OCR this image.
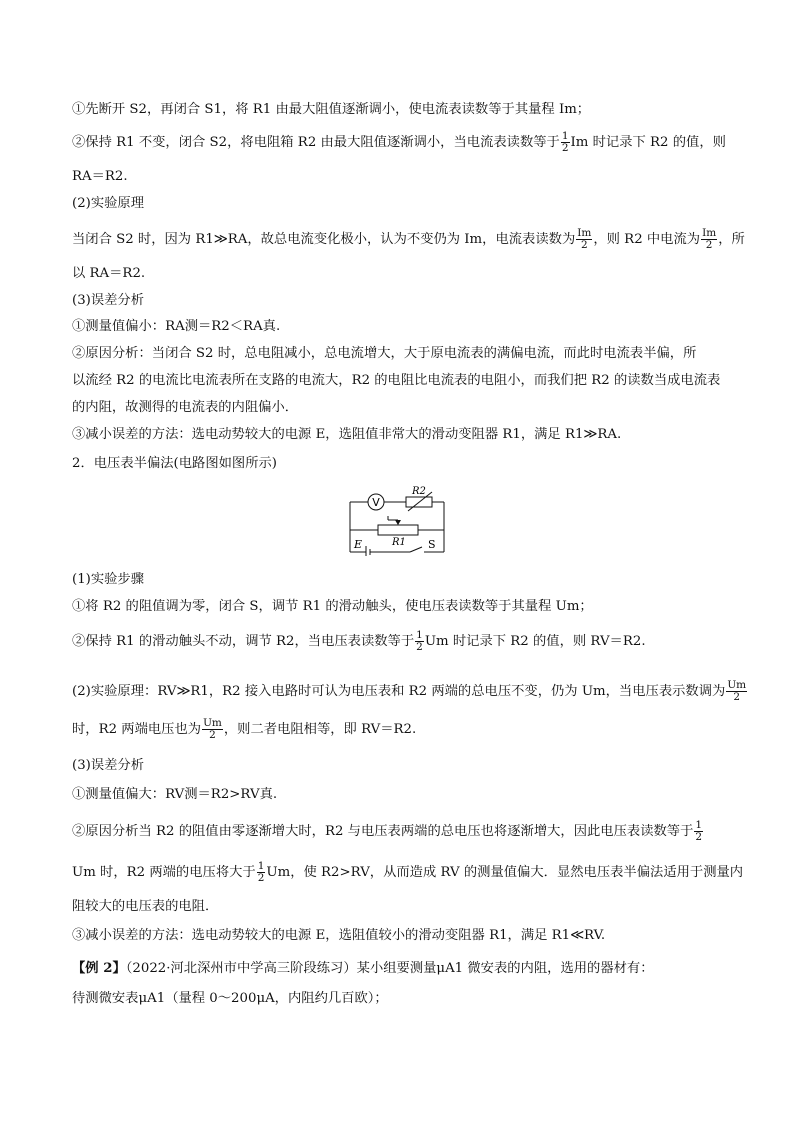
①先断开 S2，再闭合 S1，将 R1 由最大阻值逐渐调小，使电流表读数等于其量程 Im；
②保持 R1 不变，闭合 S2，将电阻箱 R2 由最大阻值逐渐调小，当电流表读数等于 $\frac{1}{2}$ Im 时记录下 R2 的值，则
RA＝R2.
(2)实验原理
当闭合 S2 时，因为 R1≫RA，故总电流变化极小，认为不变仍为 Im，电流表读数为 $\frac{Im}{2}$ ，则 R2 中电流为 $\frac{Im}{2}$ ，所
以 RA＝R2.
(3)误差分析
①测量值偏小：RA测＝R2＜RA真.
②原因分析：当闭合 S2 时，总电阻减小，总电流增大，大于原电流表的满偏电流，而此时电流表半偏，所
以流经 R2 的电流比电流表所在支路的电流大，R2 的电阻比电流表的电阻小，而我们把 R2 的读数当成电流表
的内阻，故测得的电流表的内阻偏小．
③减小误差的方法：选电动势较大的电源 E，选阻值非常大的滑动变阻器 R1，满足 R1≫RA.
2．电压表半偏法(电路图如图所示)
V
R2
R1
E	S
(1)实验步骤
①将 R2 的阻值调为零，闭合 S，调节 R1 的滑动触头，使电压表读数等于其量程 Um；
②保持 R1 的滑动触头不动，调节 R2，当电压表读数等于 $\frac{1}{2}$ Um 时记录下 R2 的值，则 RV＝R2.
(2)实验原理：RV≫R1，R2 接入电路时可认为电压表和 R2 两端的总电压不变，仍为 Um，当电压表示数调为 $\frac{Um}{2}$
时，R2 两端电压也为 $\frac{Um}{2}$ ，则二者电阻相等，即 RV＝R2.
(3)误差分析
①测量值偏大：RV测＝R2>RV真.
②原因分析当 R2 的阻值由零逐渐增大时，R2 与电压表两端的总电压也将逐渐增大，因此电压表读数等于 $\frac{1}{2}$
Um 时，R2 两端的电压将大于 $\frac{1}{2}$ Um，使 R2>RV，从而造成 RV 的测量值偏大．显然电压表半偏法适用于测量内
阻较大的电压表的电阻．
③减小误差的方法：选电动势较大的电源 E，选阻值较小的滑动变阻器 R1，满足 R1≪RV.
【例 2】（2022·河北深州市中学高三阶段练习）某小组要测量μA1 微安表的内阻，选用的器材有：
待测微安表μA1（量程 0～200μA，内阻约几百欧）；
